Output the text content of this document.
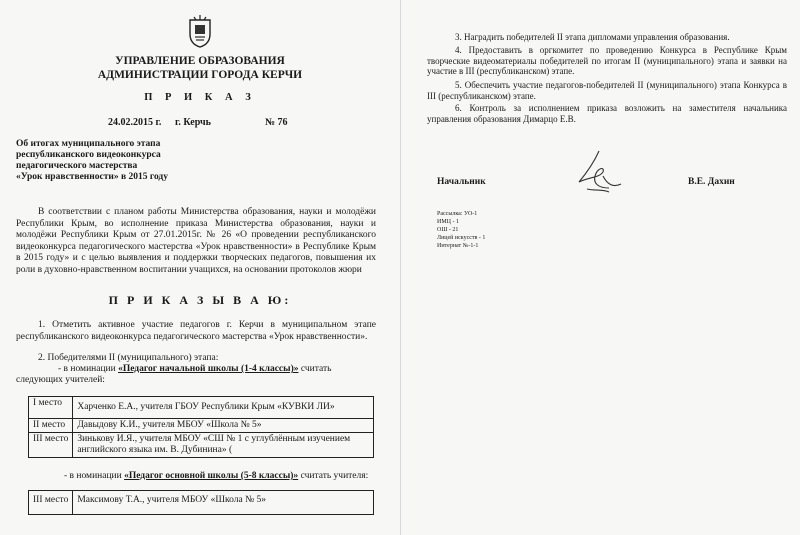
УПРАВЛЕНИЕ ОБРАЗОВАНИЯ
АДМИНИСТРАЦИИ ГОРОДА КЕРЧИ
П Р И К А З
24.02.2015 г. г. Керчь	№ 76
Об итогах муниципального этапа
республиканского видеоконкурса
педагогического мастерства
«Урок нравственности» в 2015 году
В соответствии с планом работы Министерства образования, науки и молодёжи Республики Крым, во исполнение приказа Министерства образования, науки и молодёжи Республики Крым от 27.01.2015г. № 26 «О проведении республиканского видеоконкурса педагогического мастерства «Урок нравственности» в Республике Крым в 2015 году» и с целью выявления и поддержки творческих педагогов, повышения их роли в духовно-нравственном воспитании учащихся, на основании протоколов жюри
П Р И К А З Ы В А Ю:
1. Отметить активное участие педагогов г. Керчи в муниципальном этапе республиканского видеоконкурса педагогического мастерства «Урок нравственности».
2. Победителями II (муниципального) этапа:
- в номинации «Педагог начальной школы (1-4 классы)» считать
следующих учителей:
I место	Харченко Е.А., учителя ГБОУ Республики Крым «КУВКИ ЛИ»
II место	Давыдову К.И., учителя МБОУ «Школа № 5»
III место	Зинькову И.Я., учителя МБОУ «СШ № 1 с углублённым изучением английского языка им. В. Дубинина» (
- в номинации «Педагог основной школы (5-8 классы)» считать учителя:
III место	Максимову Т.А., учителя МБОУ «Школа № 5»
3. Наградить победителей II этапа дипломами управления образования.
4. Предоставить в оргкомитет по проведению Конкурса в Республике Крым творческие видеоматериалы победителей по итогам II (муниципального) этапа и заявки на участие в III (республиканском) этапе.
5. Обеспечить участие педагогов-победителей II (муниципального) этапа Конкурса в III (республиканском) этапе.
6. Контроль за исполнением приказа возложить на заместителя начальника управления образования Димарцо Е.В.
Начальник	В.Е. Дахин
Рассылка: УО-1
ИМЦ - 1
ОШ - 21
Лицей искусств - 1
Интернат №-1-1
